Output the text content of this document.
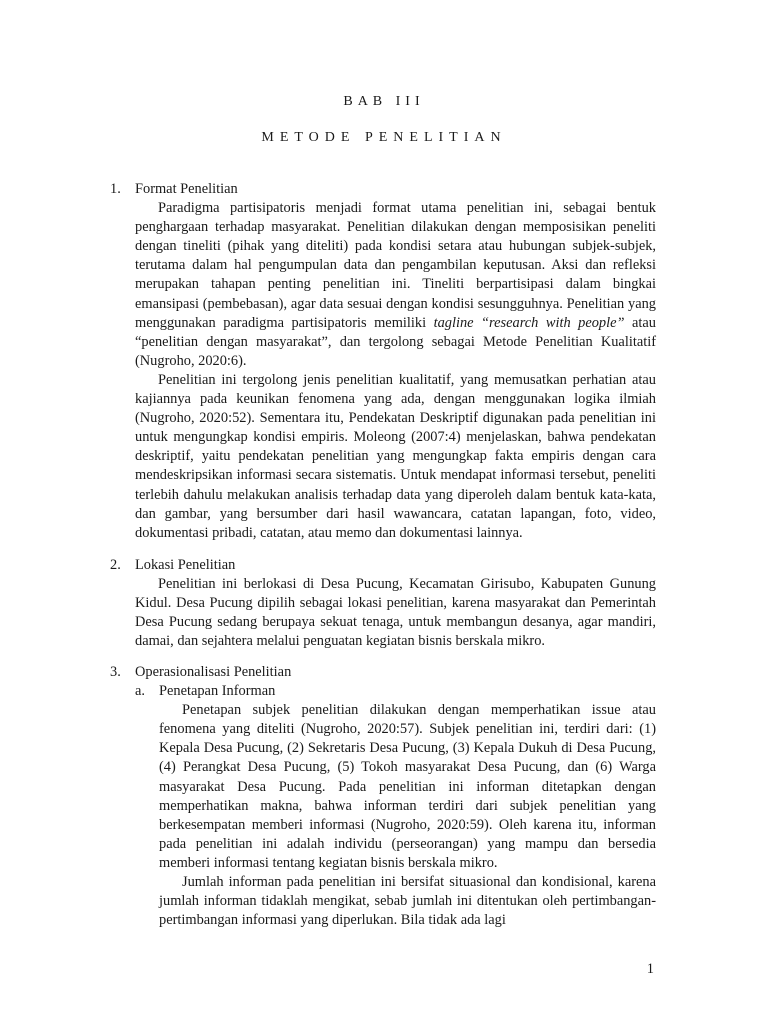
BAB III
METODE PENELITIAN
1. Format Penelitian

Paradigma partisipatoris menjadi format utama penelitian ini, sebagai bentuk penghargaan terhadap masyarakat. Penelitian dilakukan dengan memposisikan peneliti dengan tineliti (pihak yang diteliti) pada kondisi setara atau hubungan subjek-subjek, terutama dalam hal pengumpulan data dan pengambilan keputusan. Aksi dan refleksi merupakan tahapan penting penelitian ini. Tineliti berpartisipasi dalam bingkai emansipasi (pembebasan), agar data sesuai dengan kondisi sesungguhnya. Penelitian yang menggunakan paradigma partisipatoris memiliki tagline “research with people” atau “penelitian dengan masyarakat”, dan tergolong sebagai Metode Penelitian Kualitatif (Nugroho, 2020:6).

Penelitian ini tergolong jenis penelitian kualitatif, yang memusatkan perhatian atau kajiannya pada keunikan fenomena yang ada, dengan menggunakan logika ilmiah (Nugroho, 2020:52). Sementara itu, Pendekatan Deskriptif digunakan pada penelitian ini untuk mengungkap kondisi empiris. Moleong (2007:4) menjelaskan, bahwa pendekatan deskriptif, yaitu pendekatan penelitian yang mengungkap fakta empiris dengan cara mendeskripsikan informasi secara sistematis. Untuk mendapat informasi tersebut, peneliti terlebih dahulu melakukan analisis terhadap data yang diperoleh dalam bentuk kata-kata, dan gambar, yang bersumber dari hasil wawancara, catatan lapangan, foto, video, dokumentasi pribadi, catatan, atau memo dan dokumentasi lainnya.

2. Lokasi Penelitian

Penelitian ini berlokasi di Desa Pucung, Kecamatan Girisubo, Kabupaten Gunung Kidul. Desa Pucung dipilih sebagai lokasi penelitian, karena masyarakat dan Pemerintah Desa Pucung sedang berupaya sekuat tenaga, untuk membangun desanya, agar mandiri, damai, dan sejahtera melalui penguatan kegiatan bisnis berskala mikro.

3. Operasionalisasi Penelitian
a. Penetapan Informan

Penetapan subjek penelitian dilakukan dengan memperhatikan issue atau fenomena yang diteliti (Nugroho, 2020:57). Subjek penelitian ini, terdiri dari: (1) Kepala Desa Pucung, (2) Sekretaris Desa Pucung, (3) Kepala Dukuh di Desa Pucung, (4) Perangkat Desa Pucung, (5) Tokoh masyarakat Desa Pucung, dan (6) Warga masyarakat Desa Pucung. Pada penelitian ini informan ditetapkan dengan memperhatikan makna, bahwa informan terdiri dari subjek penelitian yang berkesempatan memberi informasi (Nugroho, 2020:59). Oleh karena itu, informan pada penelitian ini adalah individu (perseorangan) yang mampu dan bersedia memberi informasi tentang kegiatan bisnis berskala mikro.

Jumlah informan pada penelitian ini bersifat situasional dan kondisional, karena jumlah informan tidaklah mengikat, sebab jumlah ini ditentukan oleh pertimbangan-pertimbangan informasi yang diperlukan. Bila tidak ada lagi

1
